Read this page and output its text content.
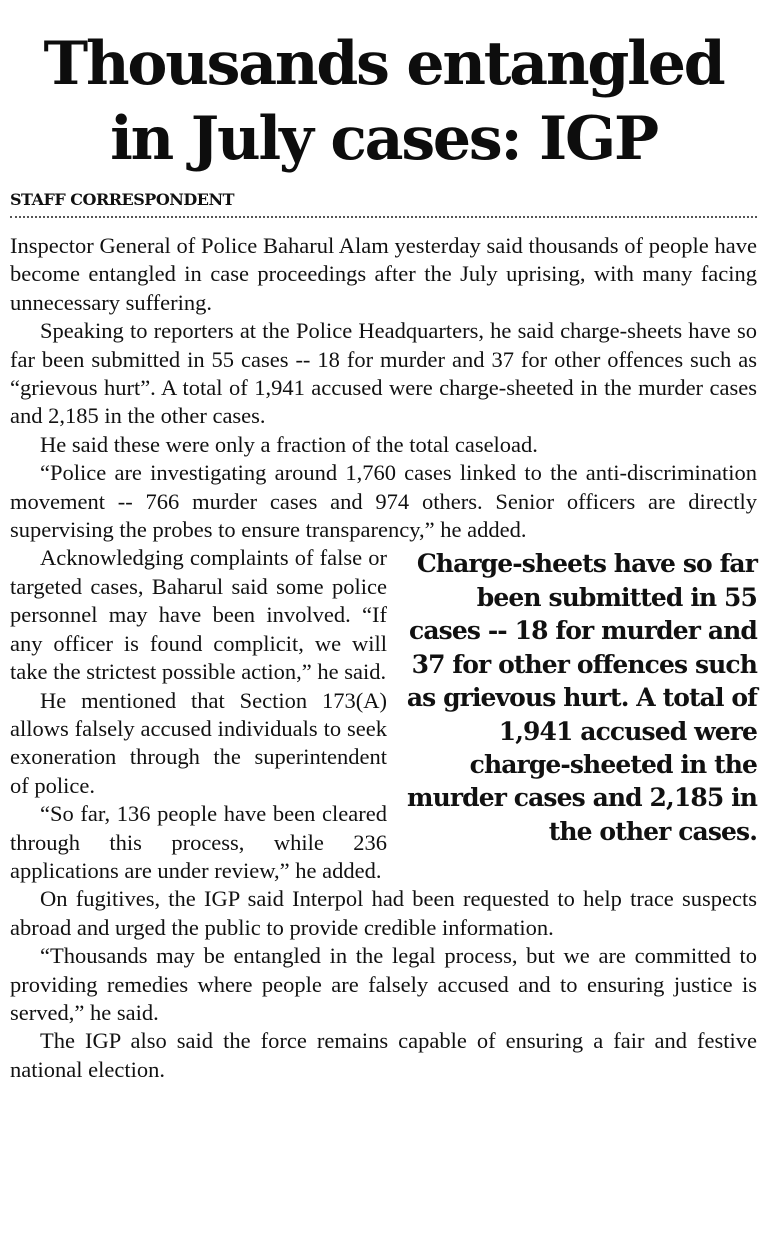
Thousands entangled
in July cases: IGP
STAFF CORRESPONDENT

Inspector General of Police Baharul Alam yesterday said thousands of people have become entangled in case proceedings after the July uprising, with many facing unnecessary suffering.

Speaking to reporters at the Police Headquarters, he said charge-sheets have so far been submitted in 55 cases -- 18 for murder and 37 for other offences such as “grievous hurt”. A total of 1,941 accused were charge-sheeted in the murder cases and 2,185 in the other cases.

He said these were only a fraction of the total caseload.

“Police are investigating around 1,760 cases linked to the anti-discrimination movement -- 766 murder cases and 974 others. Senior officers are directly supervising the probes to ensure transparency,” he added.

Charge-sheets have so far been submitted in 55 cases -- 18 for murder and 37 for other offences such as grievous hurt. A total of 1,941 accused were charge-sheeted in the murder cases and 2,185 in the other cases.

Acknowledging complaints of false or targeted cases, Baharul said some police personnel may have been involved. “If any officer is found complicit, we will take the strictest possible action,” he said.

He mentioned that Section 173(A) allows falsely accused individuals to seek exoneration through the superintendent of police.

“So far, 136 people have been cleared through this process, while 236 applications are under review,” he added.

On fugitives, the IGP said Interpol had been requested to help trace suspects abroad and urged the public to provide credible information.

“Thousands may be entangled in the legal process, but we are committed to providing remedies where people are falsely accused and to ensuring justice is served,” he said.

The IGP also said the force remains capable of ensuring a fair and festive national election.
